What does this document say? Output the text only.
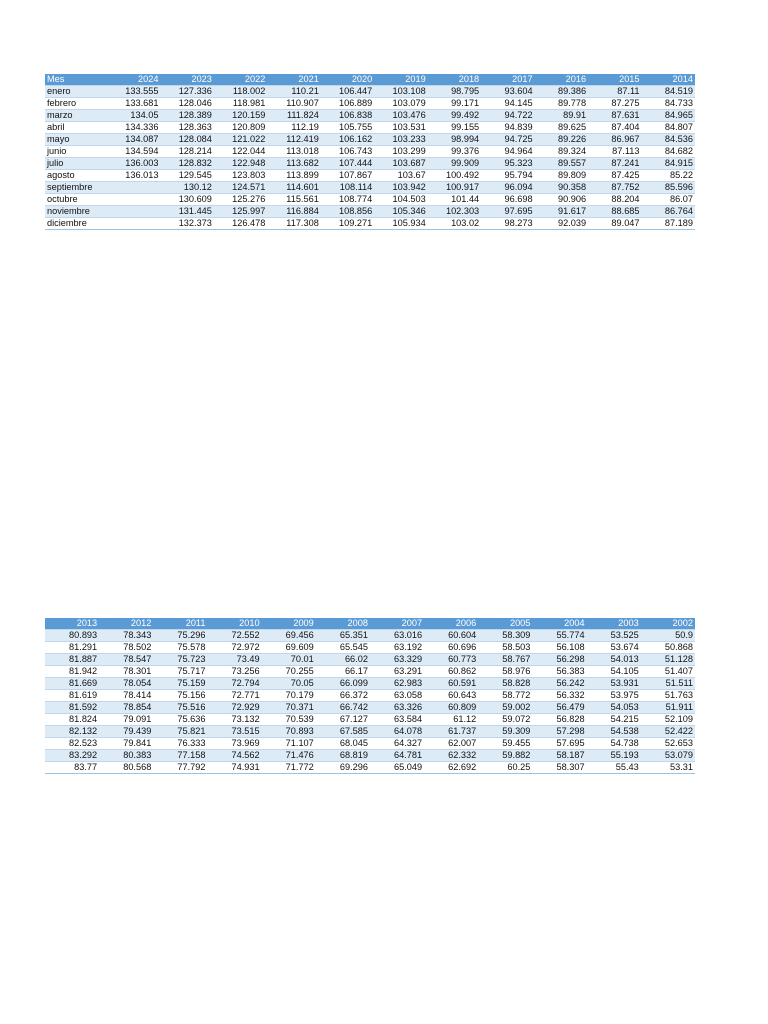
Mes	2024	2023	2022	2021	2020	2019	2018	2017	2016	2015	2014
enero	133.555	127.336	118.002	110.21	106.447	103.108	98.795	93.604	89.386	87.11	84.519
febrero	133.681	128.046	118.981	110.907	106.889	103.079	99.171	94.145	89.778	87.275	84.733
marzo	134.05	128.389	120.159	111.824	106.838	103.476	99.492	94.722	89.91	87.631	84.965
abril	134.336	128.363	120.809	112.19	105.755	103.531	99.155	94.839	89.625	87.404	84.807
mayo	134.087	128.084	121.022	112.419	106.162	103.233	98.994	94.725	89.226	86.967	84.536
junio	134.594	128.214	122.044	113.018	106.743	103.299	99.376	94.964	89.324	87.113	84.682
julio	136.003	128.832	122.948	113.682	107.444	103.687	99.909	95.323	89.557	87.241	84.915
agosto	136.013	129.545	123.803	113.899	107.867	103.67	100.492	95.794	89.809	87.425	85.22
septiembre		130.12	124.571	114.601	108.114	103.942	100.917	96.094	90.358	87.752	85.596
octubre		130.609	125.276	115.561	108.774	104.503	101.44	96.698	90.906	88.204	86.07
noviembre		131.445	125.997	116.884	108.856	105.346	102.303	97.695	91.617	88.685	86.764
diciembre		132.373	126.478	117.308	109.271	105.934	103.02	98.273	92.039	89.047	87.189
2013	2012	2011	2010	2009	2008	2007	2006	2005	2004	2003	2002
80.893	78.343	75.296	72.552	69.456	65.351	63.016	60.604	58.309	55.774	53.525	50.9
81.291	78.502	75.578	72.972	69.609	65.545	63.192	60.696	58.503	56.108	53.674	50.868
81.887	78.547	75.723	73.49	70.01	66.02	63.329	60.773	58.767	56.298	54.013	51.128
81.942	78.301	75.717	73.256	70.255	66.17	63.291	60.862	58.976	56.383	54.105	51.407
81.669	78.054	75.159	72.794	70.05	66.099	62.983	60.591	58.828	56.242	53.931	51.511
81.619	78.414	75.156	72.771	70.179	66.372	63.058	60.643	58.772	56.332	53.975	51.763
81.592	78.854	75.516	72.929	70.371	66.742	63.326	60.809	59.002	56.479	54.053	51.911
81.824	79.091	75.636	73.132	70.539	67.127	63.584	61.12	59.072	56.828	54.215	52.109
82.132	79.439	75.821	73.515	70.893	67.585	64.078	61.737	59.309	57.298	54.538	52.422
82.523	79.841	76.333	73.969	71.107	68.045	64.327	62.007	59.455	57.695	54.738	52.653
83.292	80.383	77.158	74.562	71.476	68.819	64.781	62.332	59.882	58.187	55.193	53.079
83.77	80.568	77.792	74.931	71.772	69.296	65.049	62.692	60.25	58.307	55.43	53.31
